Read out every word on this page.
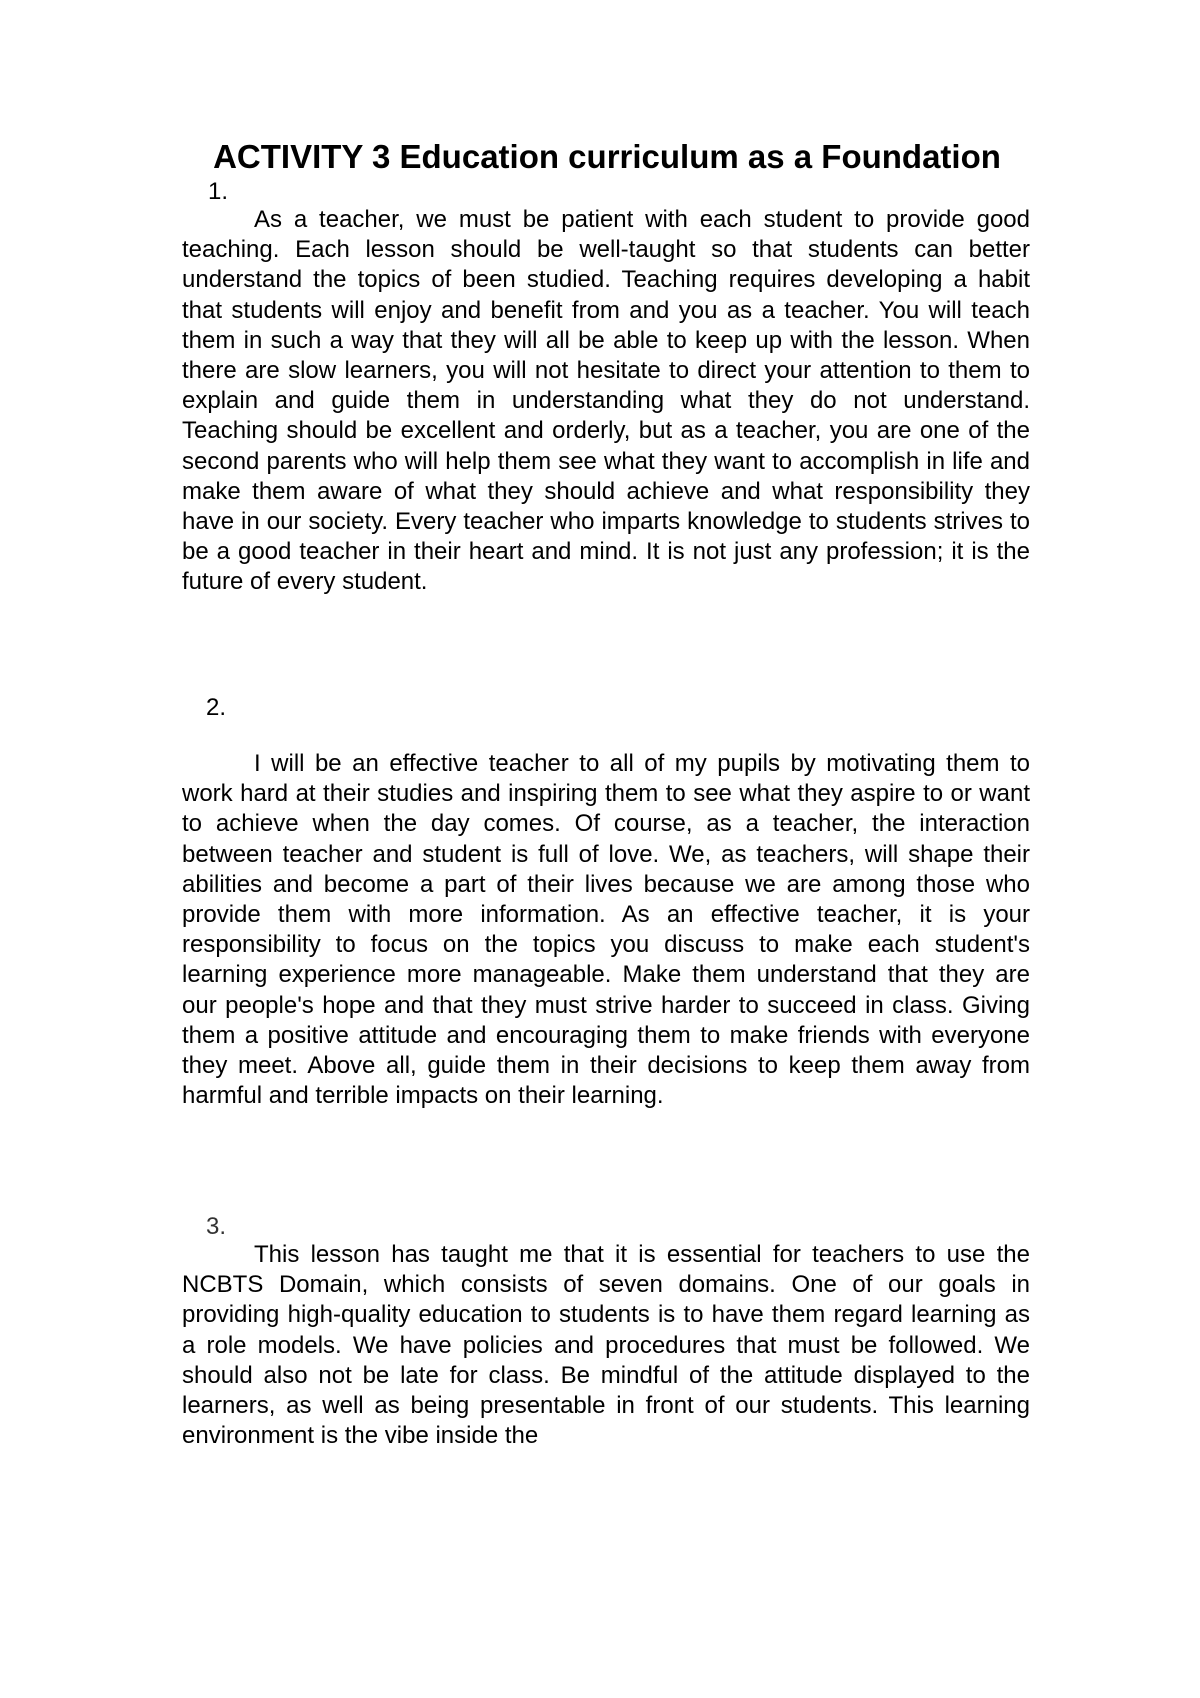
ACTIVITY 3 Education curriculum as a Foundation
1.

As a teacher, we must be patient with each student to provide good teaching. Each lesson should be well-taught so that students can better understand the topics of been studied. Teaching requires developing a habit that students will enjoy and benefit from and you as a teacher. You will teach them in such a way that they will all be able to keep up with the lesson. When there are slow learners, you will not hesitate to direct your attention to them to explain and guide them in understanding what they do not understand. Teaching should be excellent and orderly, but as a teacher, you are one of the second parents who will help them see what they want to accomplish in life and make them aware of what they should achieve and what responsibility they have in our society. Every teacher who imparts knowledge to students strives to be a good teacher in their heart and mind. It is not just any profession; it is the future of every student.

2.

I will be an effective teacher to all of my pupils by motivating them to work hard at their studies and inspiring them to see what they aspire to or want to achieve when the day comes. Of course, as a teacher, the interaction between teacher and student is full of love. We, as teachers, will shape their abilities and become a part of their lives because we are among those who provide them with more information. As an effective teacher, it is your responsibility to focus on the topics you discuss to make each student's learning experience more manageable. Make them understand that they are our people's hope and that they must strive harder to succeed in class. Giving them a positive attitude and encouraging them to make friends with everyone they meet. Above all, guide them in their decisions to keep them away from harmful and terrible impacts on their learning.

3.

This lesson has taught me that it is essential for teachers to use the NCBTS Domain, which consists of seven domains. One of our goals in providing high-quality education to students is to have them regard learning as a role models. We have policies and procedures that must be followed. We should also not be late for class. Be mindful of the attitude displayed to the learners, as well as being presentable in front of our students. This learning environment is the vibe inside the
